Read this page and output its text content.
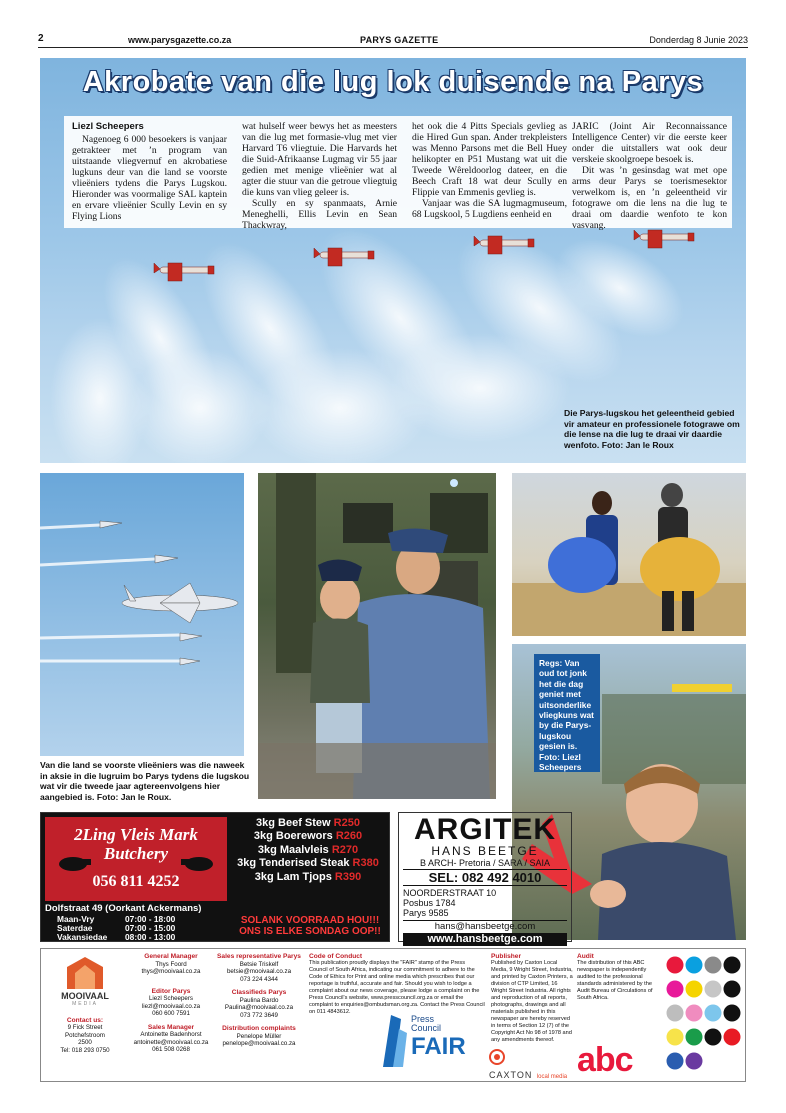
2	www.parysgazette.co.za	PARYS GAZETTE	Donderdag 8 Junie 2023
Akrobate van die lug lok duisende na Parys

Liezl Scheepers

Nagenoeg 6 000 besoekers is vanjaar getrakteer met ’n program van uitstaande vliegvernuf en akrobatiese lugkuns deur van die land se voorste vlieëniers tydens die Parys Lugskou. Hieronder was voormalige SAL kaptein en ervare vlieënier Scully Levin en sy Flying Lions

wat hulself weer bewys het as meesters van die lug met formasie-vlug met vier Harvard T6 vliegtuie. Die Harvards het die Suid-Afrikaanse Lugmag vir 55 jaar gedien met menige vlieënier wat al agter die stuur van die getroue vliegtuig die kuns van vlieg geleer is.

Scully en sy spanmaats, Arnie Meneghelli, Ellis Levin en Sean Thackwray,

het ook die 4 Pitts Specials gevlieg as die Hired Gun span. Ander trekpleisters was Menno Parsons met die Bell Huey helikopter en P51 Mustang wat uit die Tweede Wêreldoorlog dateer, en die Beech Craft 18 wat deur Scully en Flippie van Emmenis gevlieg is.

Vanjaar was die SA lugmagmuseum, 68 Lugskool, 5 Lugdiens eenheid en

JARIC (Joint Air Reconnaissance Intelligence Center) vir die eerste keer onder die uitstallers wat ook deur verskeie skoolgroepe besoek is.

Dit was ’n gesinsdag wat met ope arms deur Parys se toerismesektor verwelkom is, en ’n geleentheid vir fotograwe om die lens na die lug te draai om daardie wenfoto te kon vasvang.

Die Parys-lugskou het geleentheid gebied vir amateur en professionele fotograwe om die lense na die lug te draai vir daardie wenfoto. Foto: Jan le Roux
Van die land se voorste vlieëniers was die naweek in aksie in die lugruim bo Parys tydens die lugskou wat vir die tweede jaar agtereenvolgens hier aangebied is. Foto: Jan le Roux.
Regs: Van oud tot jonk het die dag geniet met uitsonderlike vliegkuns wat by die Parys-lugskou gesien is. Foto: Liezl Scheepers
2Ling Vleis Mark
Butchery
056 811 4252
3kg Beef Stew R250
3kg Boerewors R260
3kg Maalvleis R270
3kg Tenderised Steak R380
3kg Lam Tjops R390
Dolfstraat 49 (Oorkant Ackermans)
Maan-Vry	07:00 - 18:00
Saterdae	07:00 - 15:00
Vakansiedae 08:00 - 13:00
SOLANK VOORRAAD HOU!!!
ONS IS ELKE SONDAG OOP!!
ARGITEK
HANS BEETGE
B ARCH- Pretoria / SARA / SAIA
SEL: 082 492 4010
NOORDERSTRAAT 10
Posbus 1784
Parys 9585
hans@hansbeetge.com
www.hansbeetge.com
MOOIVAAL
MEDIA
Contact us:
9 Fick Street
Potchefstroom
2500
Tel: 018 293 0750
General Manager
Thys Foord
thys@mooivaal.co.za
Editor Parys
Liezl Scheepers
liezl@mooivaal.co.za
060 600 7591
Sales Manager
Antoinette Badenhorst
antoinette@mooivaal.co.za
061 508 0268
Sales representative Parys
Betsie Triskelf
betsie@mooivaal.co.za
073 224 4344
Classifieds Parys
Paulina Bardo
Paulina@mooivaal.co.za
073 772 3649
Distribution complaints
Penelope Müller
penelope@mooivaal.co.za
Code of Conduct
This publication proudly displays the "FAIR" stamp of the Press Council of South Africa, indicating our commitment to adhere to the Code of Ethics for Print and online media which prescribes that our reportage is truthful, accurate and fair. Should you wish to lodge a complaint about our news coverage, please lodge a complaint on the Press Council's website, www.presscouncil.org.za or email the complaint to enquiries@ombudsman.org.za. Contact the Press Council on 011 4843612.
Press
Council
FAIR
Publisher
Published by Caxton Local Media, 9 Wright Street, Industria, and printed by Caxton Printers, a division of CTP Limited, 16 Wright Street Industria. All rights and reproduction of all reports, photographs, drawings and all materials published in this newspaper are hereby reserved in terms of Section 12 (7) of the Copyright Act No 98 of 1978 and any amendments thereof.
CAXTON local media
Audit
The distribution of this ABC newspaper is independently audited to the professional standards administered by the Audit Bureau of Circulations of South Africa.
abc
